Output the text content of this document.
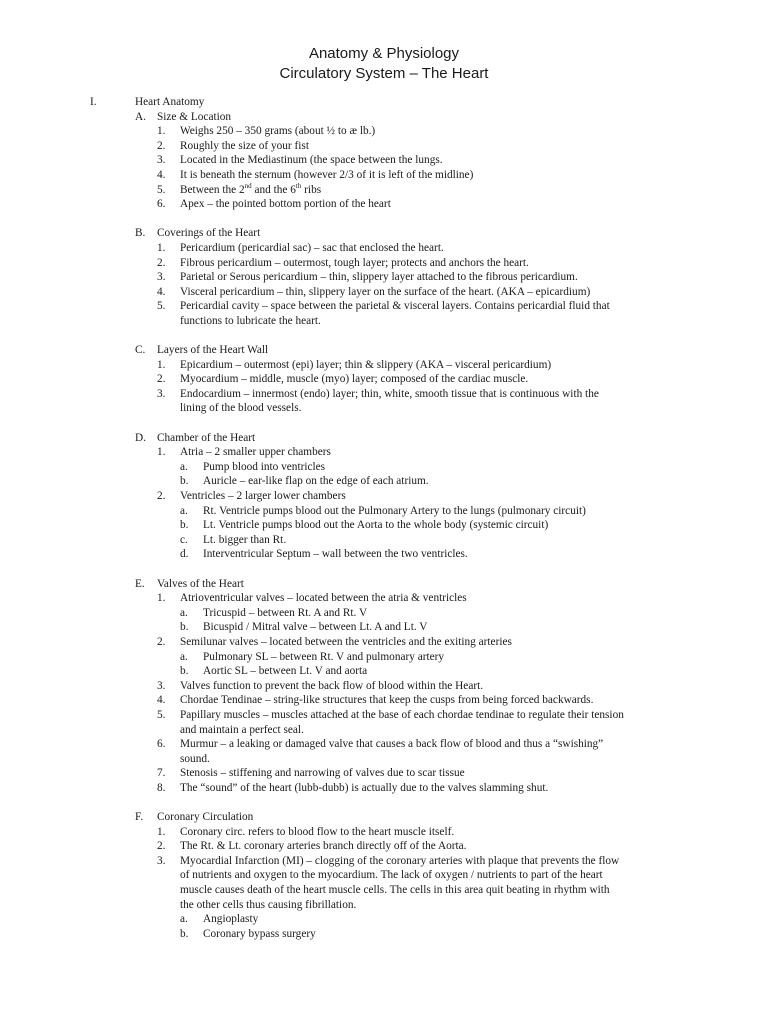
Anatomy & Physiology
Circulatory System – The Heart
I.	Heart Anatomy
A. Size & Location
1. Weighs 250 – 350 grams (about ½ to æ lb.)
2. Roughly the size of your fist
3. Located in the Mediastinum (the space between the lungs.
4. It is beneath the sternum (however 2/3 of it is left of the midline)
5. Between the 2nd and the 6th ribs
6. Apex – the pointed bottom portion of the heart
B. Coverings of the Heart
1. Pericardium (pericardial sac) – sac that enclosed the heart.
2. Fibrous pericardium – outermost, tough layer; protects and anchors the heart.
3. Parietal or Serous pericardium – thin, slippery layer attached to the fibrous pericardium.
4. Visceral pericardium – thin, slippery layer on the surface of the heart. (AKA – epicardium)
5. Pericardial cavity – space between the parietal & visceral layers. Contains pericardial fluid that
functions to lubricate the heart.
C. Layers of the Heart Wall
1. Epicardium – outermost (epi) layer; thin & slippery (AKA – visceral pericardium)
2. Myocardium – middle, muscle (myo) layer; composed of the cardiac muscle.
3. Endocardium – innermost (endo) layer; thin, white, smooth tissue that is continuous with the
lining of the blood vessels.
D. Chamber of the Heart
1. Atria – 2 smaller upper chambers
a. Pump blood into ventricles
b. Auricle – ear-like flap on the edge of each atrium.
2. Ventricles – 2 larger lower chambers
a. Rt. Ventricle pumps blood out the Pulmonary Artery to the lungs (pulmonary circuit)
b. Lt. Ventricle pumps blood out the Aorta to the whole body (systemic circuit)
c. Lt. bigger than Rt.
d. Interventricular Septum – wall between the two ventricles.
E. Valves of the Heart
1. Atrioventricular valves – located between the atria & ventricles
a. Tricuspid – between Rt. A and Rt. V
b. Bicuspid / Mitral valve – between Lt. A and Lt. V
2. Semilunar valves – located between the ventricles and the exiting arteries
a. Pulmonary SL – between Rt. V and pulmonary artery
b. Aortic SL – between Lt. V and aorta
3. Valves function to prevent the back flow of blood within the Heart.
4. Chordae Tendinae – string-like structures that keep the cusps from being forced backwards.
5. Papillary muscles – muscles attached at the base of each chordae tendinae to regulate their tension
and maintain a perfect seal.
6. Murmur – a leaking or damaged valve that causes a back flow of blood and thus a “swishing”
sound.
7. Stenosis – stiffening and narrowing of valves due to scar tissue
8. The “sound” of the heart (lubb-dubb) is actually due to the valves slamming shut.
F. Coronary Circulation
1. Coronary circ. refers to blood flow to the heart muscle itself.
2. The Rt. & Lt. coronary arteries branch directly off of the Aorta.
3. Myocardial Infarction (MI) – clogging of the coronary arteries with plaque that prevents the flow
of nutrients and oxygen to the myocardium. The lack of oxygen / nutrients to part of the heart
muscle causes death of the heart muscle cells. The cells in this area quit beating in rhythm with
the other cells thus causing fibrillation.
a. Angioplasty
b. Coronary bypass surgery
